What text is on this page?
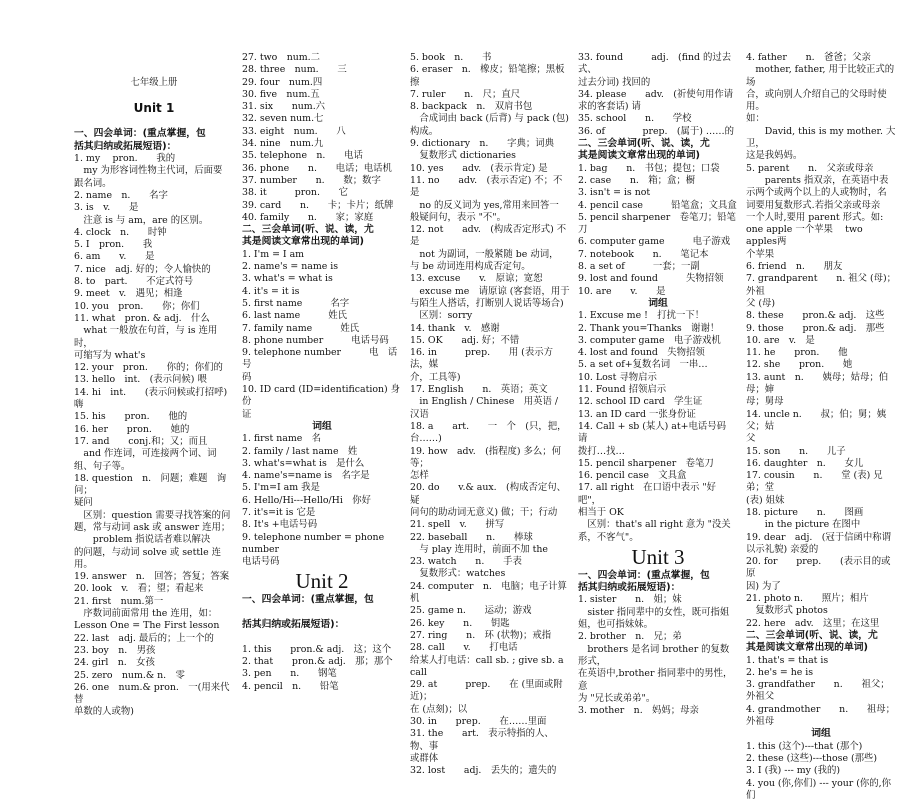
七年级上册
Unit 1
一、四会单词：(重点掌握，包
括其归纳或拓展短语)：
1. my　 pron.　　我的
　my 为形容词性物主代词，后面要
跟名词。
2. name　n.　　名字
3. is　v.　　是
　注意 is 与 am，are 的区别。
4. clock　n.　　时钟
5. I　pron.　　我
6. am　　v.　　是
7. nice　adj. 好的；令人愉快的
8. to　part.　　不定式符号
9. meet　v.　遇见；相逢
10. you　pron.　　你；你们
11. what　pron. & adj.　什么
　what 一般放在句首，与 is 连用时，
可缩写为 what's
12. your　pron.　　你的；你们的
13. hello　int.　(表示问候) 喂
14. hi　int.　　(表示问候或打招呼)
嗨
15. his　　pron.　　他的
16. her　　pron.　　她的
17. and　　conj.和；又；而且
　and 作连词，可连接两个词、词
组、句子等。
18. question　n.　问题；难题　询问；
疑问
　区别：question 需要寻找答案的问
题，常与动词 ask 或 answer 连用；
　　problem 指说话者难以解决
的问题，与动词 solve 或 settle 连用。
19. answer　n.　回答；答复；答案
20. look　v.　看；望；看起来
21. first　num.第一
　序数词前面常用 the 连用，如：
Lesson One = The First lesson
22. last　adj. 最后的；上一个的
23. boy　n.　男孩
24. girl　n.　女孩
25. zero　num.& n.　零
26. one　num.& pron.　一(用来代替
单数的人或物)
27. two　num.二
28. three　num.　　三
29. four　num.四
30. five　num.五
31. six　　num.六
32. seven num.七
33. eight　num.　　八
34. nine　num.九
35. telephone　n.　　电话
36. phone　　n.　　电话；电话机
37. number　　n.　　数；数字
38. it　　　pron.　　它
39. card　　n.　　卡；卡片；纸牌
40. family　　n.　　家；家庭
二、三会单词(听、说、读，尤
其是阅读文章常出现的单词)
1. I'm = I am
2. name's = name is
3. what's = what is
4. it's = it is
5. first name　　　名字
6. last name　　　姓氏
7. family name　　　姓氏
8. phone number　　　电话号码
9. telephone number　　　电　话　号
码
10. ID card (ID=identification) 身份
证
词组
1. first name　名
2. family / last name　姓
3. what's=what is　是什么
4. name's=name is　名字是
5. I'm=I am 我是
6. Hello/Hi---Hello/Hi　你好
7. it's=it is 它是
8. It's +电话号码
9. telephone number = phone number
电话号码
Unit 2
一、四会单词：(重点掌握，包
括其归纳或拓展短语)：
1. this　　pron.& adj.　这；这个
2. that　　pron.& adj.　那；那个
3. pen　　n.　　钢笔
4. pencil　n.　　铅笔
5. book　n.　　书
6. eraser　n.　橡皮；铅笔擦；黑板擦
7. ruler　　n.　尺；直尺
8. backpack　n.　双肩书包
　合成词由 back (后背) 与 pack (包)
构成。
9. dictionary　n.　　字典；词典
　复数形式 dictionaries
10. yes　　adv.　(表示肯定) 是
11. no　　adv.　(表示否定) 不；不是
　no 的反义词为 yes,常用来回答一
般疑问句，表示 "不"。
12. not　　adv.　(构成否定形式) 不
是
　not 为副词，一般紧随 be 动词，
与 be 动词连用构成否定句。
13. excuse　　v.　原谅；宽恕
　excuse me　请原谅 (客套语，用于
与陌生人搭话，打断别人说话等场合)
　区别：sorry
14. thank　v.　感谢
15. OK　　adj. 好；不错
16. in　　　prep.　　用 (表示方法，媒
介，工具等)
17. English　　n.　英语；英文
　in English / Chinese　用英语 / 汉语
18. a　　art.　　一　个　(只，把，
台……)
19. how　adv.　(指程度) 多么；何等；
怎样
20. do　　v.& aux.　(构成否定句、疑
问句的助动词无意义) 做；干；行动
21. spell　v.　　拼写
22. baseball　　n.　　棒球
　与 play 连用时，前面不加 the
23. watch　　n.　　手表
　复数形式：watches
24. computer　n.　电脑；电子计算机
25. game n.　　运动；游戏
26. key　　n.　　钥匙
27. ring　　n.　环 (状物)；戒指
28. call　　v.　　打电话
给某人打电话：call sb. ; give sb. a
call
29. at　　　prep.　　在 (里面或附近)；
在 (点刻)；以
30. in　　prep.　　在……里面
31. the　　art.　表示特指的人、物、事
或群体
32. lost　　adj.　丢失的；遗失的
33. found　　　adj.　(find 的过去式、
过去分词) 找回的
34. please　　adv.　(祈使句用作请
求的客套话) 请
35. school　　n.　　学校
36. of　　　　prep.　(属于) ……的
二、三会单词(听、说、读，尤
其是阅读文章常出现的单词)
1. bag　　n.　书包；提包；口袋
2. case　　n.　箱；盒；橱
3. isn't = is not
4. pencil case　　　铅笔盒；文具盒
5. pencil sharpener　卷笔刀；铅笔刀
6. computer game　　　电子游戏
7. notebook　　n.　　笔记本
8. a set of　　　一套；一副
9. lost and found　　　失物招领
10. are　　v.　　是
词组
1. Excuse me !　打扰一下！
2. Thank you=Thanks　谢谢！
3. computer game　电子游戏机
4. lost and found　失物招领
5. a set of+复数名词　一串…
10. Lost 寻物启示
11. Found 招领启示
12. school ID card　学生证
13. an ID card 一张身份证
14. Call + sb (某人) at+电话号码　请
拨打…找…
15. pencil sharpener　卷笔刀
16. pencil case　文具盒
17. all right　在口语中表示 "好吧"，
相当于 OK
　区别：that's all right 意为 "没关
系，不客气"。
Unit 3
一、四会单词：(重点掌握，包
括其归纳或拓展短语)：
1. sister　　n.　姐；妹
　sister 指同辈中的女性，既可指姐
姐，也可指妹妹。
2. brother　n.　兄；弟
　brothers 是名词 brother 的复数形式，
在英语中,brother 指同辈中的男性，意
为 "兄长或弟弟"。
3. mother　n.　妈妈；母亲
4. father　　n.　爸爸；父亲
　mother, father, 用于比较正式的场
合，或向别人介绍自己的父母时使用。
如：
　　David, this is my mother. 大卫，
这是我妈妈。
5. parent　　n.　父亲或母亲
　　parents 指双亲，在英语中表
示两个或两个以上的人或物时，名
词要用复数形式.若指父亲或母亲
一个人时,要用 parent 形式。如:
one apple 一个苹果　 two apples两
个苹果
6. friend　n.　　朋友
7. grandparent　　n. 祖父 (母)；外祖
父 (母)
8. these　　pron.& adj.　这些
9. those　　pron.& adj.　那些
10. are　v.　是
11. he　　pron.　　他
12. she　　pron.　　她
13. aunt　n.　　姨母；姑母；伯母；婶
母；舅母
14. uncle n.　　叔；伯；舅；姨父；姑
父
15. son　　n.　　儿子
16. daughter　n.　　女儿
17. cousin　　n.　　堂 (表) 兄弟；堂
(表) 姐妹
18. picture　　n.　　图画
　　in the picture 在图中
19. dear　adj.　(冠于信函中称谓
以示礼貌) 亲爱的
20. for　　prep.　　(表示目的或原
因) 为了
21. photo n.　　照片；相片
　复数形式 photos
22. here　adv.　这里；在这里
二、三会单词(听、说、读，尤
其是阅读文章常出现的单词)
1. that's = that is
2. he's = he is
3. grandfather　　n.　　祖父；外祖父
4. grandmother　　n.　　祖母；外祖母
词组
1. this (这个)---that (那个)
2. these (这些)---those (那些)
3. I (我) --- my (我的)
4. you (你,你们) --- your (你的,你们
